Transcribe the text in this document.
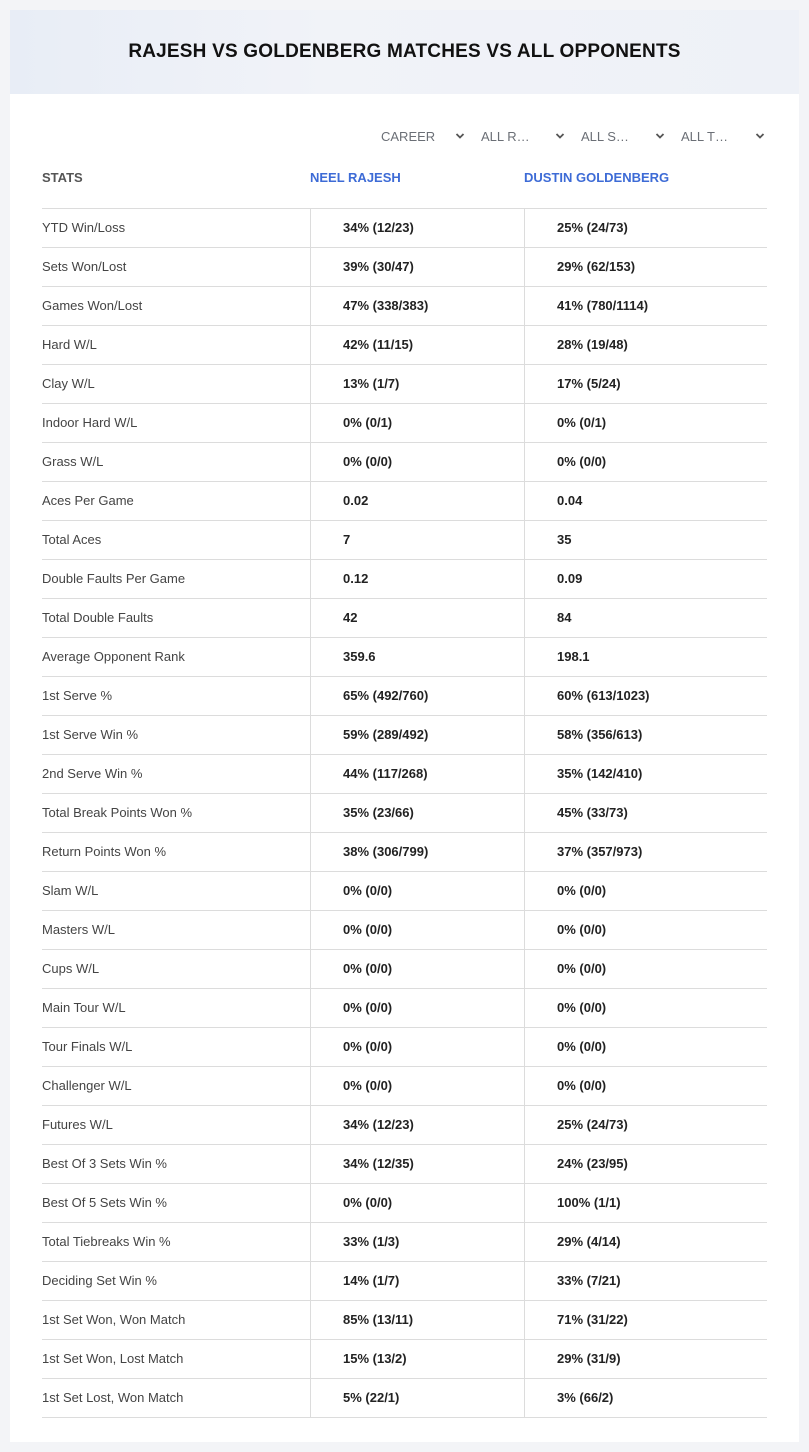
RAJESH VS GOLDENBERG MATCHES VS ALL OPPONENTS
CAREER	ALL R…	ALL S…	ALL T…
STATS	NEEL RAJESH	DUSTIN GOLDENBERG
YTD Win/Loss	34% (12/23)	25% (24/73)
Sets Won/Lost	39% (30/47)	29% (62/153)
Games Won/Lost	47% (338/383)	41% (780/1114)
Hard W/L	42% (11/15)	28% (19/48)
Clay W/L	13% (1/7)	17% (5/24)
Indoor Hard W/L	0% (0/1)	0% (0/1)
Grass W/L	0% (0/0)	0% (0/0)
Aces Per Game	0.02	0.04
Total Aces	7	35
Double Faults Per Game	0.12	0.09
Total Double Faults	42	84
Average Opponent Rank	359.6	198.1
1st Serve %	65% (492/760)	60% (613/1023)
1st Serve Win %	59% (289/492)	58% (356/613)
2nd Serve Win %	44% (117/268)	35% (142/410)
Total Break Points Won %	35% (23/66)	45% (33/73)
Return Points Won %	38% (306/799)	37% (357/973)
Slam W/L	0% (0/0)	0% (0/0)
Masters W/L	0% (0/0)	0% (0/0)
Cups W/L	0% (0/0)	0% (0/0)
Main Tour W/L	0% (0/0)	0% (0/0)
Tour Finals W/L	0% (0/0)	0% (0/0)
Challenger W/L	0% (0/0)	0% (0/0)
Futures W/L	34% (12/23)	25% (24/73)
Best Of 3 Sets Win %	34% (12/35)	24% (23/95)
Best Of 5 Sets Win %	0% (0/0)	100% (1/1)
Total Tiebreaks Win %	33% (1/3)	29% (4/14)
Deciding Set Win %	14% (1/7)	33% (7/21)
1st Set Won, Won Match	85% (13/11)	71% (31/22)
1st Set Won, Lost Match	15% (13/2)	29% (31/9)
1st Set Lost, Won Match	5% (22/1)	3% (66/2)
